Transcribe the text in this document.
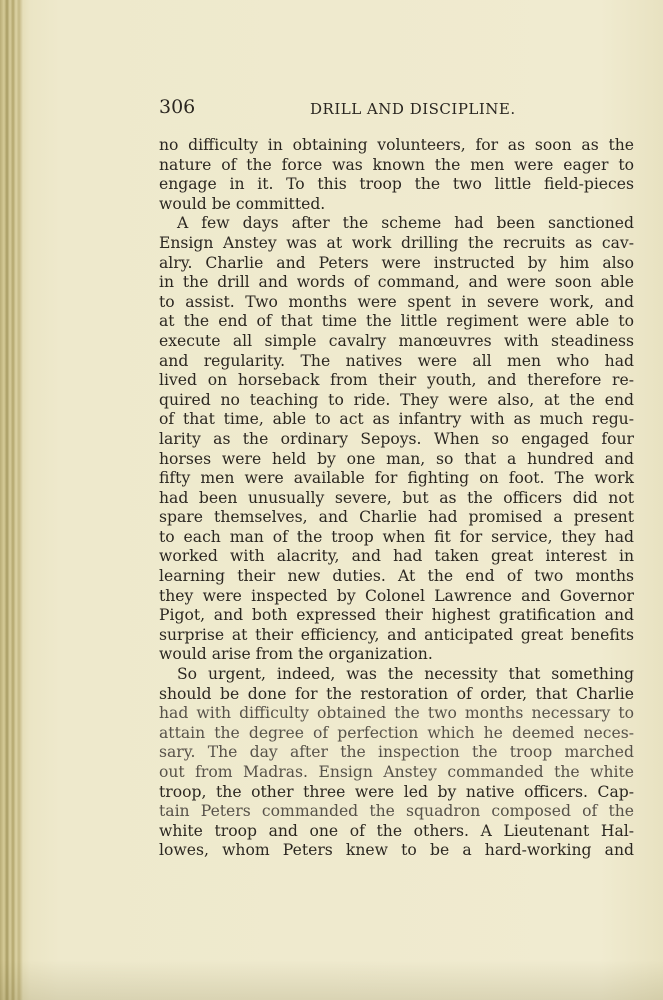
306	DRILL AND DISCIPLINE.
no difficulty in obtaining volunteers, for as soon as the
nature of the force was known the men were eager to
engage in it. To this troop the two little field-pieces
would be committed.
A few days after the scheme had been sanctioned
Ensign Anstey was at work drilling the recruits as cav-
alry. Charlie and Peters were instructed by him also
in the drill and words of command, and were soon able
to assist. Two months were spent in severe work, and
at the end of that time the little regiment were able to
execute all simple cavalry manœuvres with steadiness
and regularity. The natives were all men who had
lived on horseback from their youth, and therefore re-
quired no teaching to ride. They were also, at the end
of that time, able to act as infantry with as much regu-
larity as the ordinary Sepoys. When so engaged four
horses were held by one man, so that a hundred and
fifty men were available for fighting on foot. The work
had been unusually severe, but as the officers did not
spare themselves, and Charlie had promised a present
to each man of the troop when fit for service, they had
worked with alacrity, and had taken great interest in
learning their new duties. At the end of two months
they were inspected by Colonel Lawrence and Governor
Pigot, and both expressed their highest gratification and
surprise at their efficiency, and anticipated great benefits
would arise from the organization.
So urgent, indeed, was the necessity that something
should be done for the restoration of order, that Charlie
had with difficulty obtained the two months necessary to
attain the degree of perfection which he deemed neces-
sary. The day after the inspection the troop marched
out from Madras. Ensign Anstey commanded the white
troop, the other three were led by native officers. Cap-
tain Peters commanded the squadron composed of the
white troop and one of the others. A Lieutenant Hal-
lowes, whom Peters knew to be a hard-working and
